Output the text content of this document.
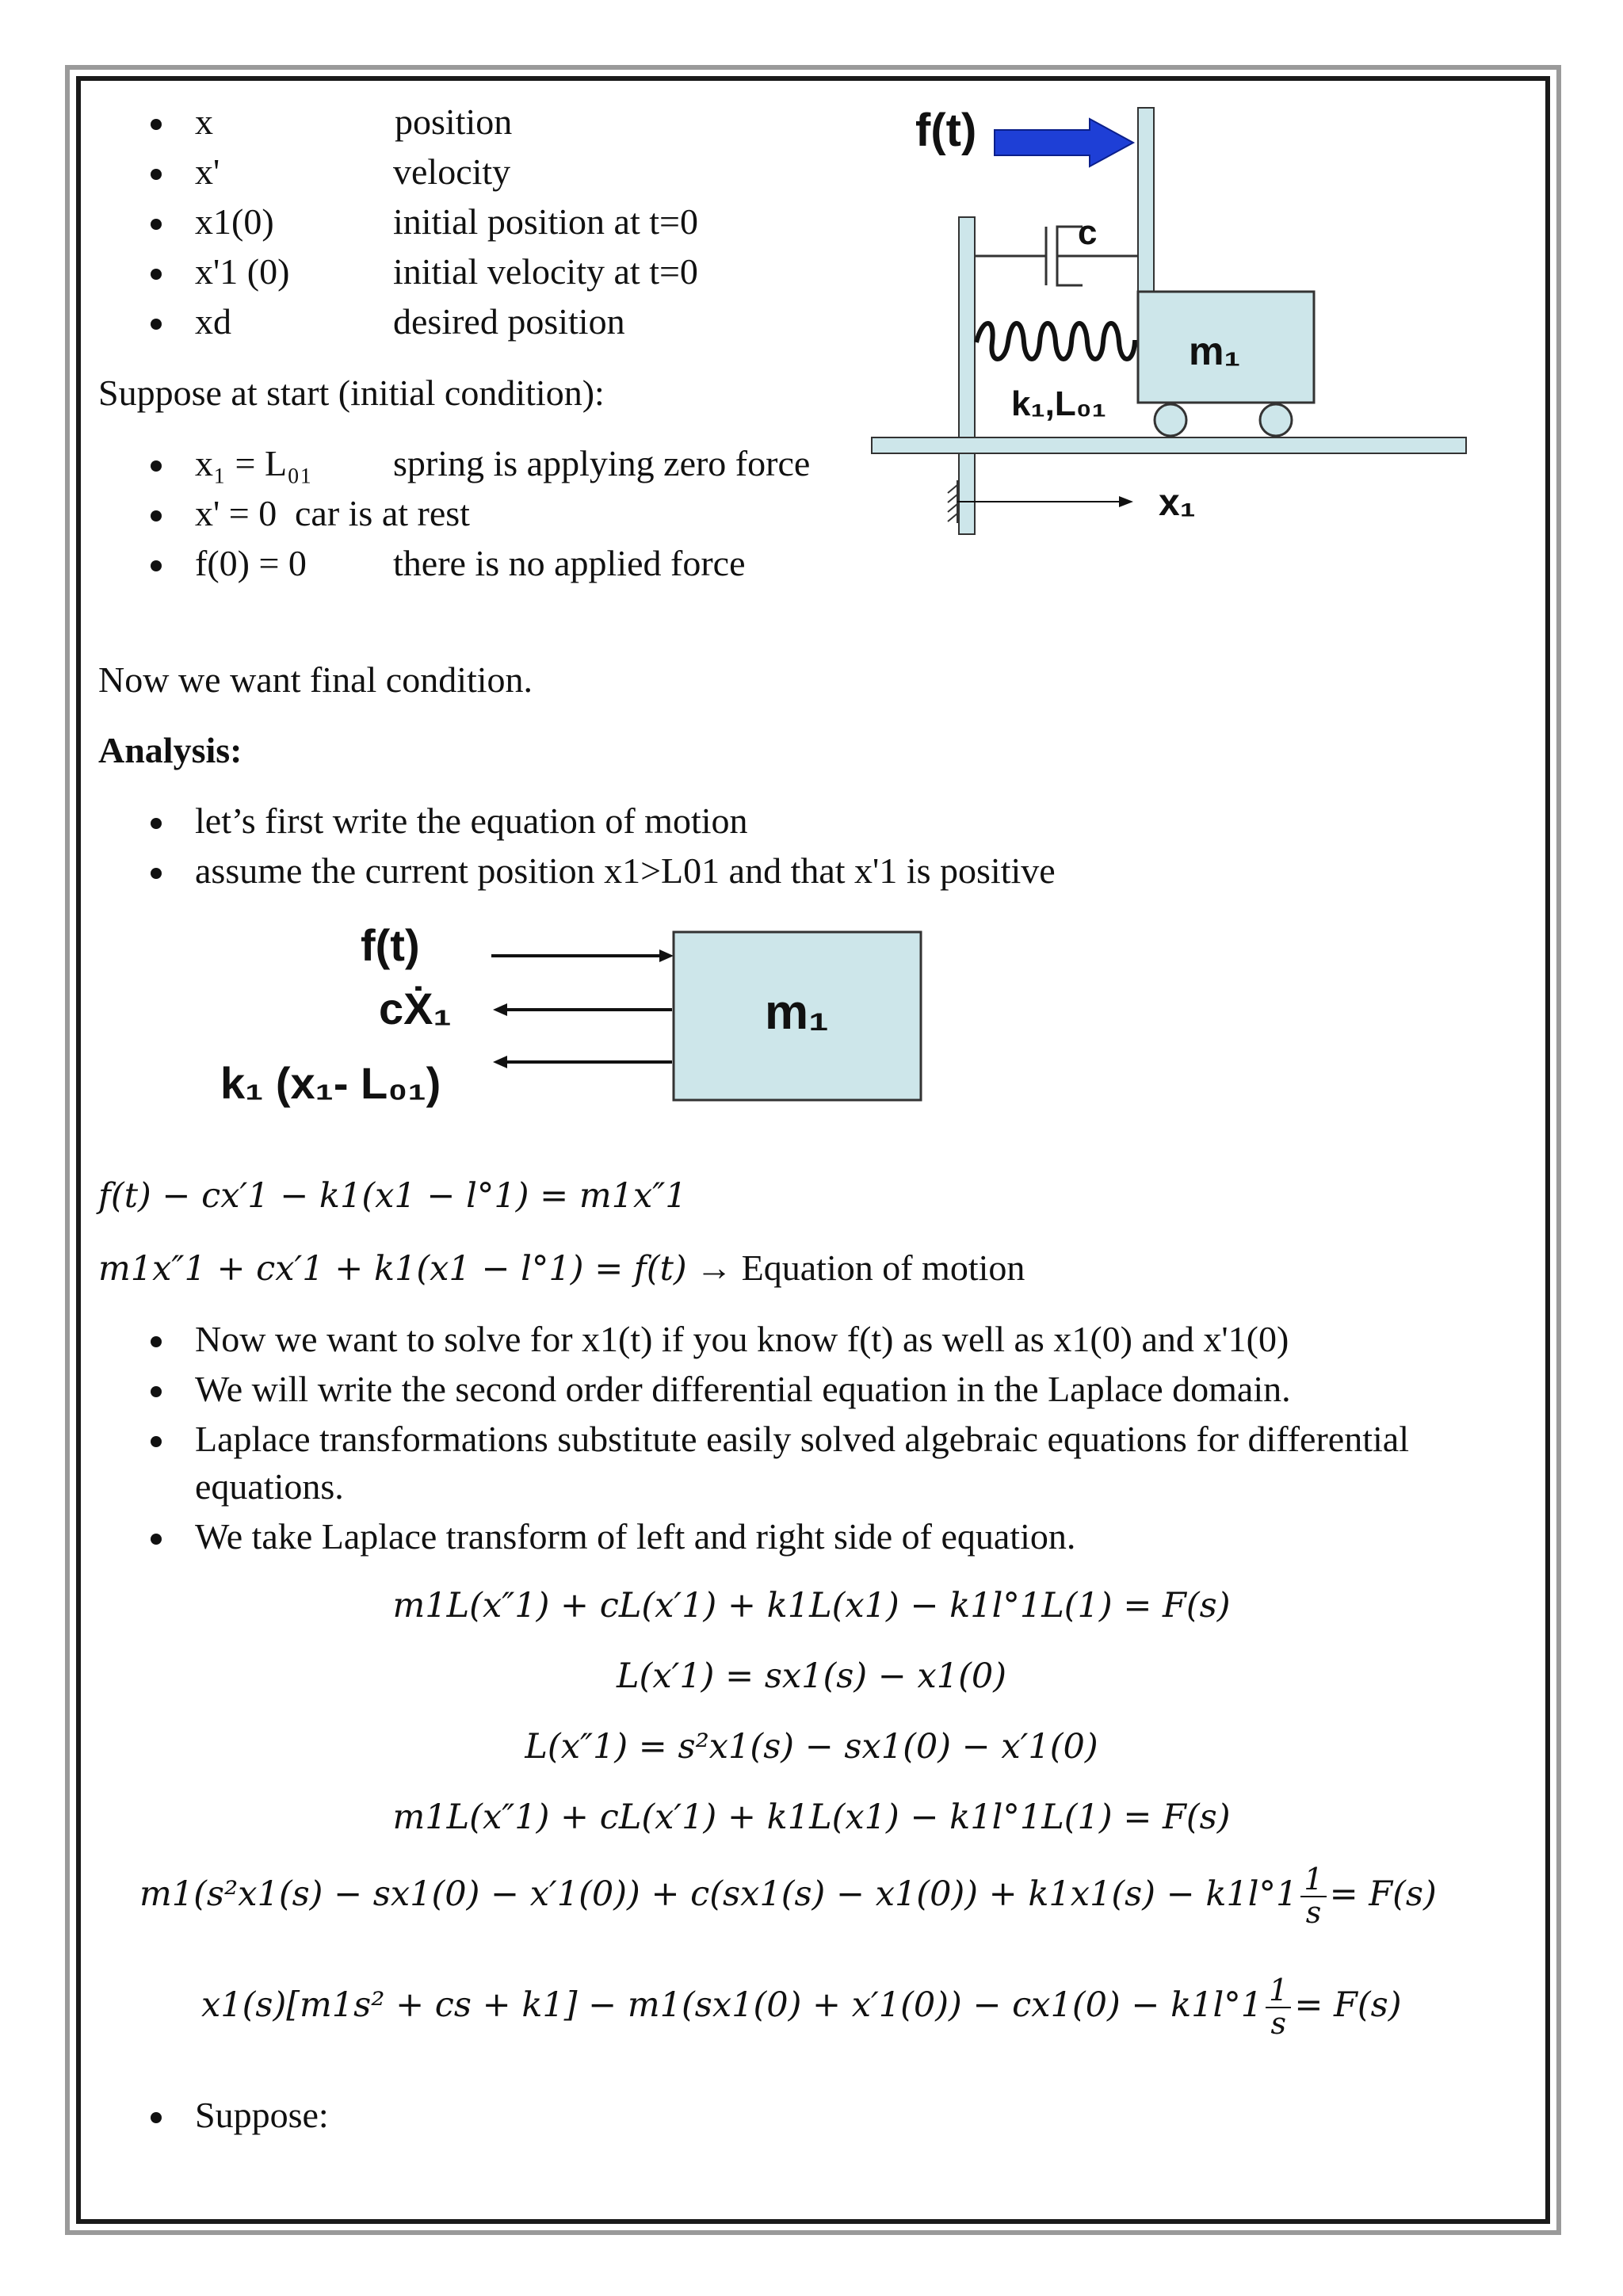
x	position
x'	velocity
x1(0)	initial position at t=0
x'1 (0)	initial velocity at t=0
xd	desired position
Suppose at start (initial condition):
x₁ = L₀₁ spring is applying zero force
x' = 0 car is at rest
f(0) = 0 there is no applied force
f(t)
c
k₁,L₀₁
m₁
x₁
Now we want final condition.
Analysis:
let’s first write the equation of motion
assume the current position x1>L01 and that x'1 is positive
f(t)
cẊ₁
k₁ (x₁- L₀₁)
m₁
f(t) − cx′1 − k1(x1 − l°1) = m1x″1
m1x″1 + cx′1 + k1(x1 − l°1) = f(t) → Equation of motion
Now we want to solve for x1(t) if you know f(t) as well as x1(0) and x'1(0)
We will write the second order differential equation in the Laplace domain.
Laplace transformations substitute easily solved algebraic equations for differential
equations.
We take Laplace transform of left and right side of equation.
m1L(x″1) + cL(x′1) + k1L(x1) − k1l°1L(1) = F(s)
L(x′1) = sx1(s) − x1(0)
L(x″1) = s²x1(s) − sx1(0) − x′1(0)
m1L(x″1) + cL(x′1) + k1L(x1) − k1l°1L(1) = F(s)
$m1(s^2x1(s) - sx1(0) - x'1(0)) + c(sx1(s) - x1(0)) + k1x1(s) - k1l^\circ 1 \frac{1}{s} = F(s)$
x1(s)[m1s² + cs + $k1] - m1(sx1(0) + x'1(0)) - cx1(0) - k1l^\circ 1 \frac{1}{s} = F(s)$
Suppose:
